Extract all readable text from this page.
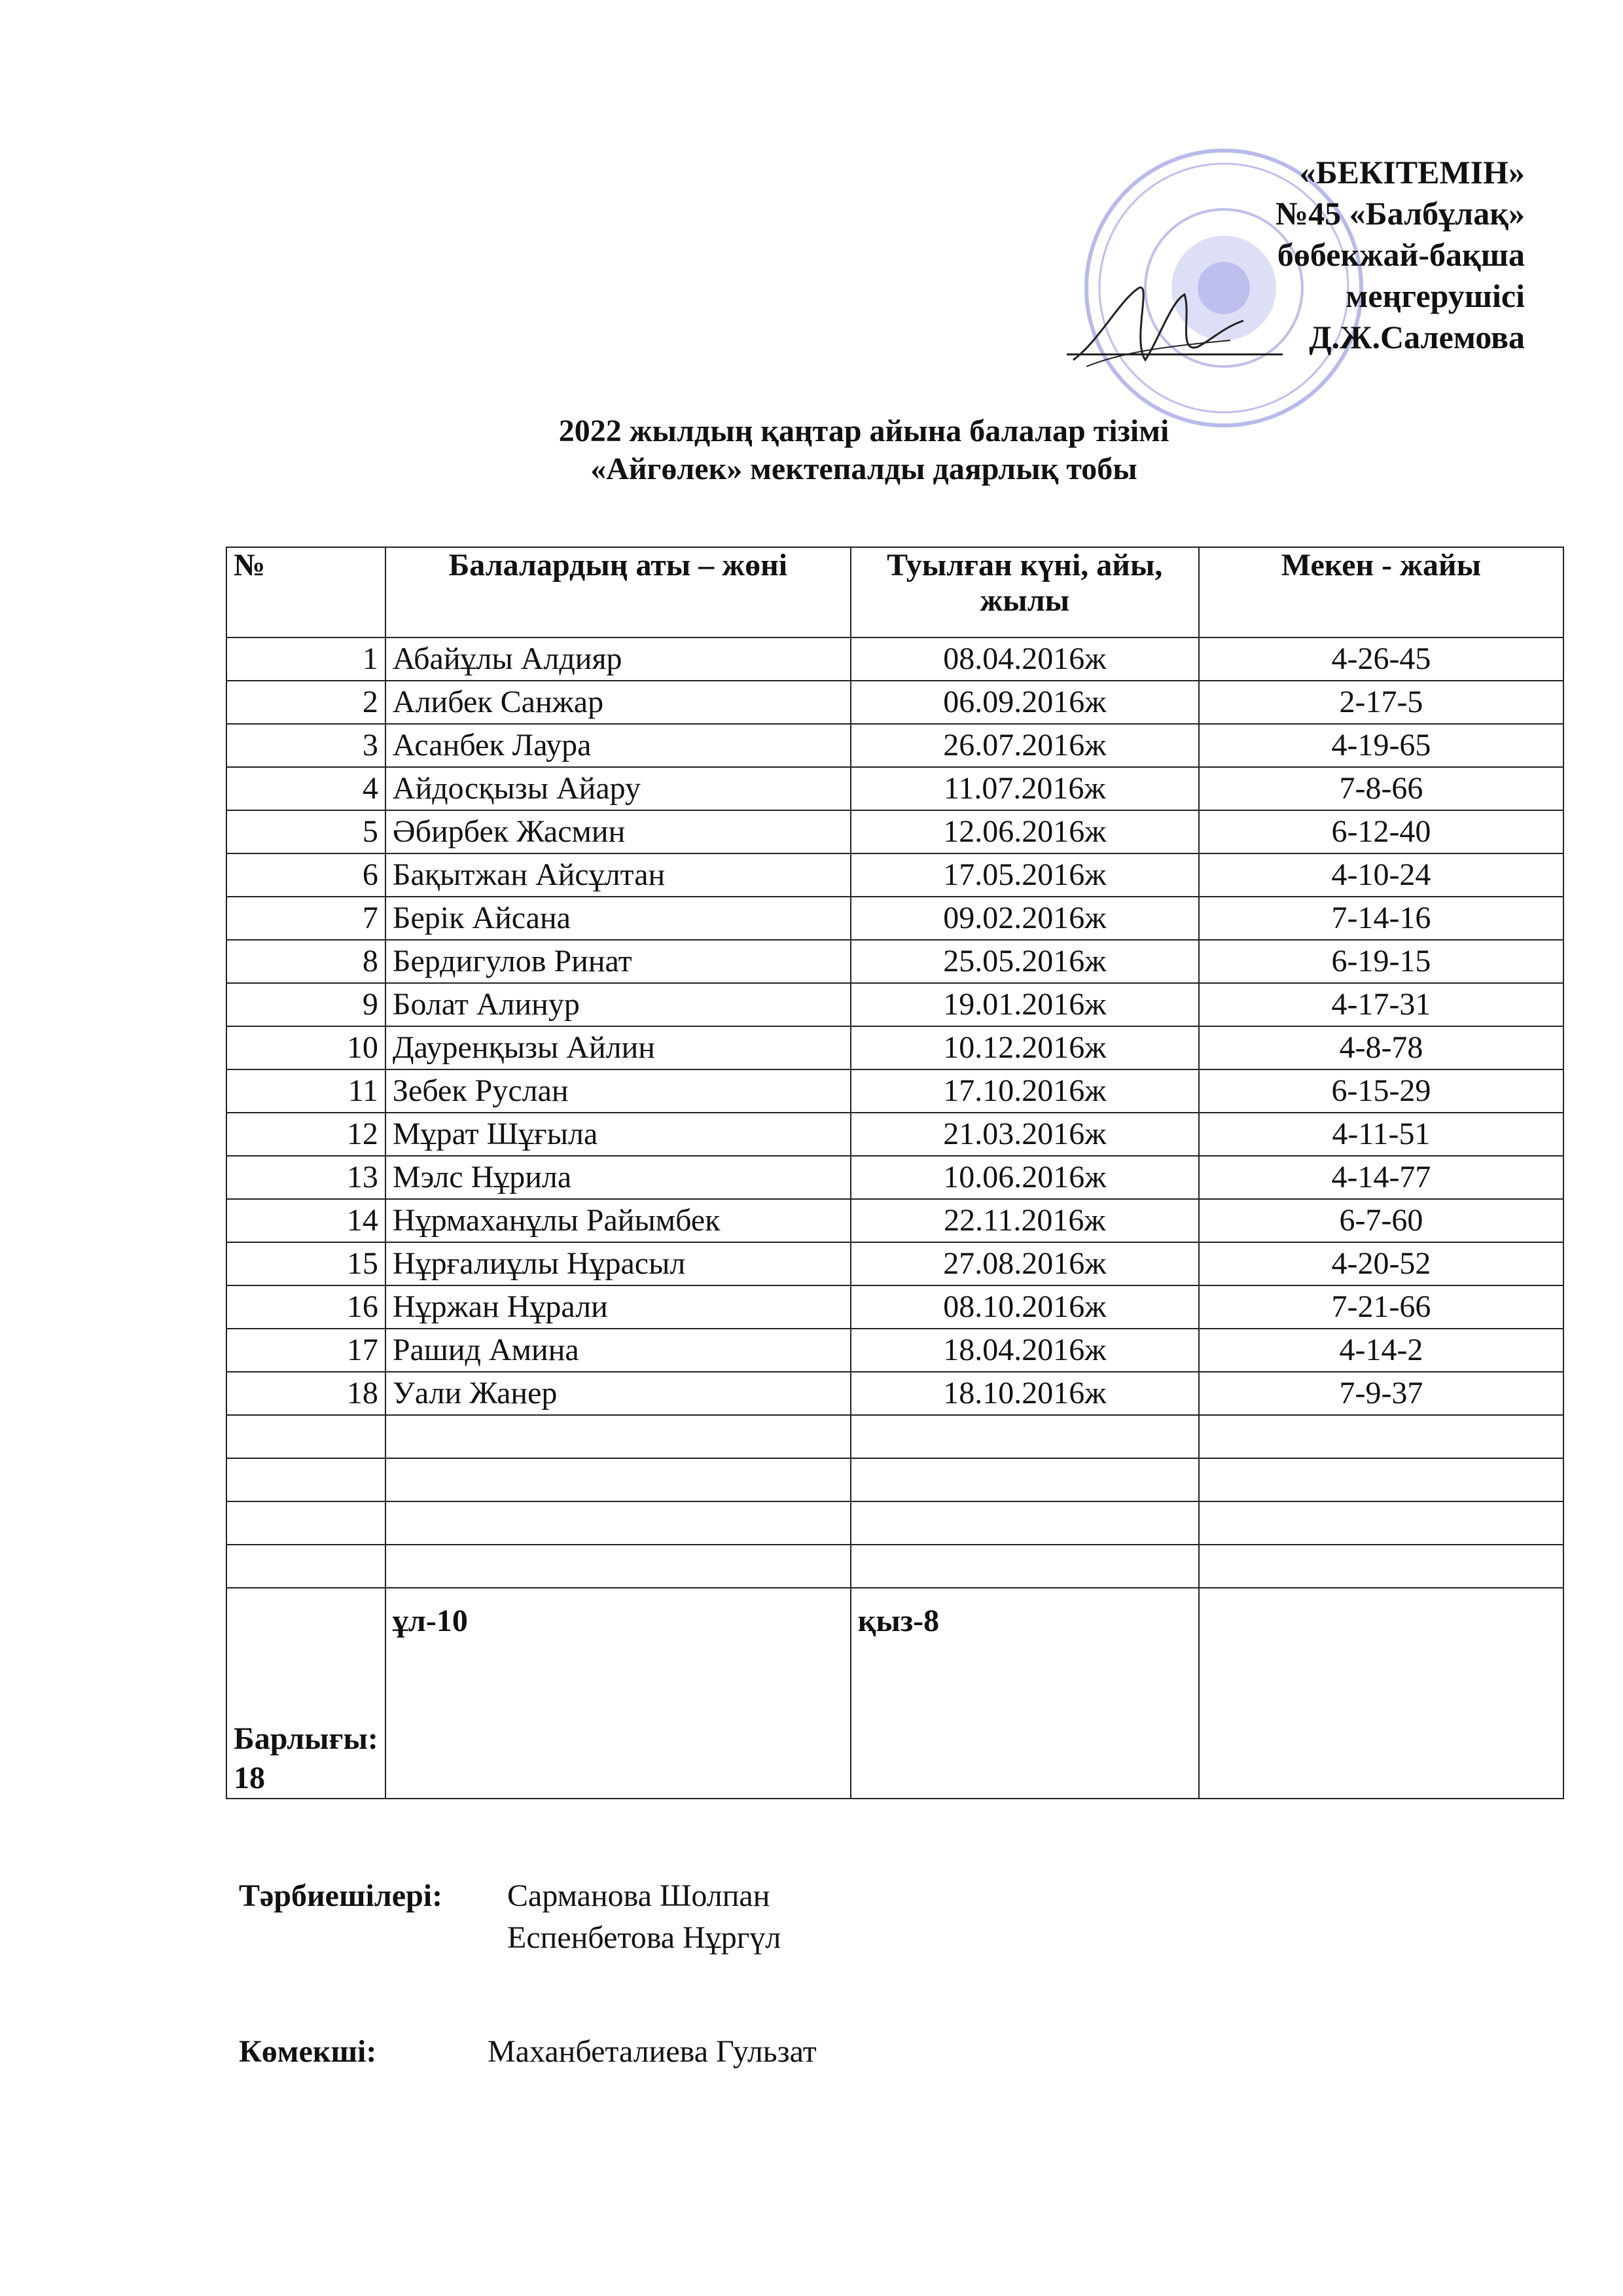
«БЕКІТЕМІН»
№45 «Балбұлақ»
бөбекжай-бақша
меңгерушісі
Д.Ж.Салемова
2022 жылдың қаңтар айына балалар тізімі
«Айгөлек» мектепалды даярлық тобы
№	Балалардың аты – жөні	Туылған күні, айы, жылы	Мекен - жайы
1	Абайұлы Алдияр	08.04.2016ж	4-26-45
2	Алибек Санжар	06.09.2016ж	2-17-5
3	Асанбек Лаура	26.07.2016ж	4-19-65
4	Айдосқызы Айару	11.07.2016ж	7-8-66
5	Әбирбек Жасмин	12.06.2016ж	6-12-40
6	Бақытжан Айсұлтан	17.05.2016ж	4-10-24
7	Берік Айсана	09.02.2016ж	7-14-16
8	Бердигулов Ринат	25.05.2016ж	6-19-15
9	Болат Алинур	19.01.2016ж	4-17-31
10	Дауренқызы Айлин	10.12.2016ж	4-8-78
11	Зебек Руслан	17.10.2016ж	6-15-29
12	Мұрат Шұғыла	21.03.2016ж	4-11-51
13	Мэлс Нұрила	10.06.2016ж	4-14-77
14	Нұрмаханұлы Райымбек	22.11.2016ж	6-7-60
15	Нұрғалиұлы Нұрасыл	27.08.2016ж	4-20-52
16	Нұржан Нұрали	08.10.2016ж	7-21-66
17	Рашид Амина	18.04.2016ж	4-14-2
18	Уали Жанер	18.10.2016ж	7-9-37

Барлығы: 18	ұл-10	қыз-8	
Тәрбиешілері:	Сарманова Шолпан
Еспенбетова Нұргүл
Көмекші:	Маханбеталиева Гульзат
